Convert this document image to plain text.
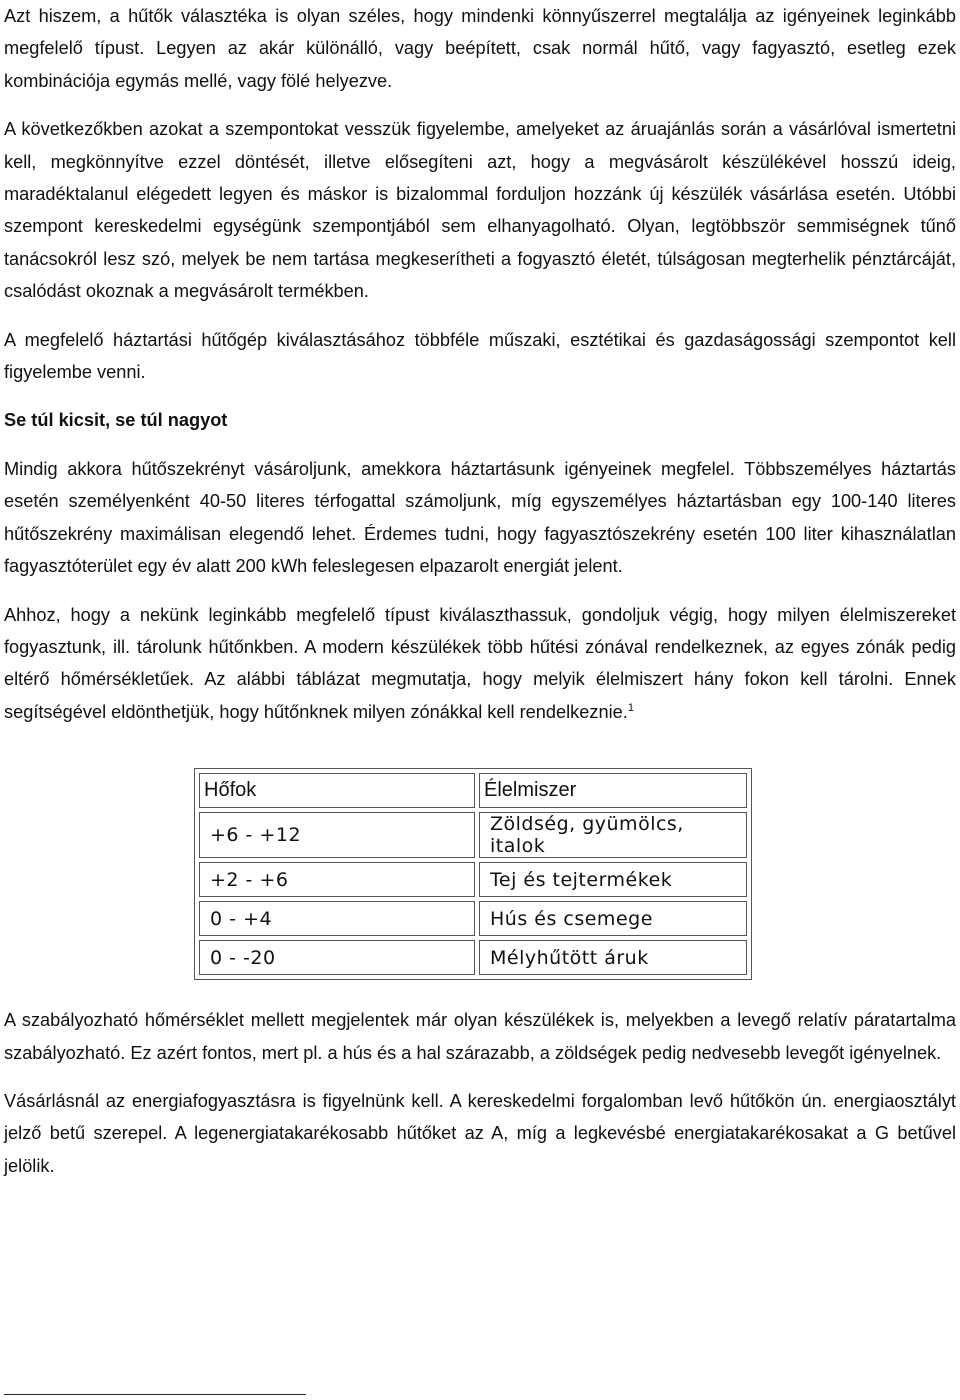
Azt hiszem, a hűtők választéka is olyan széles, hogy mindenki könnyűszerrel megtalálja az igényeinek leginkább megfelelő típust. Legyen az akár különálló, vagy beépített, csak normál hűtő, vagy fagyasztó, esetleg ezek kombinációja egymás mellé, vagy fölé helyezve.

A következőkben azokat a szempontokat vesszük figyelembe, amelyeket az áruajánlás során a vásárlóval ismertetni kell, megkönnyítve ezzel döntését, illetve elősegíteni azt, hogy a megvásárolt készülékével hosszú ideig, maradéktalanul elégedett legyen és máskor is bizalommal forduljon hozzánk új készülék vásárlása esetén. Utóbbi szempont kereskedelmi egységünk szempontjából sem elhanyagolható. Olyan, legtöbbször semmiségnek tűnő tanácsokról lesz szó, melyek be nem tartása megkeserítheti a fogyasztó életét, túlságosan megterhelik pénztárcáját, csalódást okoznak a megvásárolt termékben.

A megfelelő háztartási hűtőgép kiválasztásához többféle műszaki, esztétikai és gazdaságossági szempontot kell figyelembe venni.

Se túl kicsit, se túl nagyot

Mindig akkora hűtőszekrényt vásároljunk, amekkora háztartásunk igényeinek megfelel. Többszemélyes háztartás esetén személyenként 40-50 literes térfogattal számoljunk, míg egyszemélyes háztartásban egy 100-140 literes hűtőszekrény maximálisan elegendő lehet. Érdemes tudni, hogy fagyasztószekrény esetén 100 liter kihasználatlan fagyasztóterület egy év alatt 200 kWh feleslegesen elpazarolt energiát jelent.

Ahhoz, hogy a nekünk leginkább megfelelő típust kiválaszthassuk, gondoljuk végig, hogy milyen élelmiszereket fogyasztunk, ill. tárolunk hűtőnkben. A modern készülékek több hűtési zónával rendelkeznek, az egyes zónák pedig eltérő hőmérsékletűek. Az alábbi táblázat megmutatja, hogy melyik élelmiszert hány fokon kell tárolni. Ennek segítségével eldönthetjük, hogy hűtőnknek milyen zónákkal kell rendelkeznie.$^1$

Hőfok	Élelmiszer
+6 - +12	Zöldség, gyümölcs, italok
+2 - +6	Tej és tejtermékek
0 - +4	Hús és csemege
0 - -20	Mélyhűtött áruk

A szabályozható hőmérséklet mellett megjelentek már olyan készülékek is, melyekben a levegő relatív páratartalma szabályozható. Ez azért fontos, mert pl. a hús és a hal szárazabb, a zöldségek pedig nedvesebb levegőt igényelnek.

Vásárlásnál az energiafogyasztásra is figyelnünk kell. A kereskedelmi forgalomban levő hűtőkön ún. energiaosztályt jelző betű szerepel. A legenergiatakarékosabb hűtőket az A, míg a legkevésbé energiatakarékosakat a G betűvel jelölik.
